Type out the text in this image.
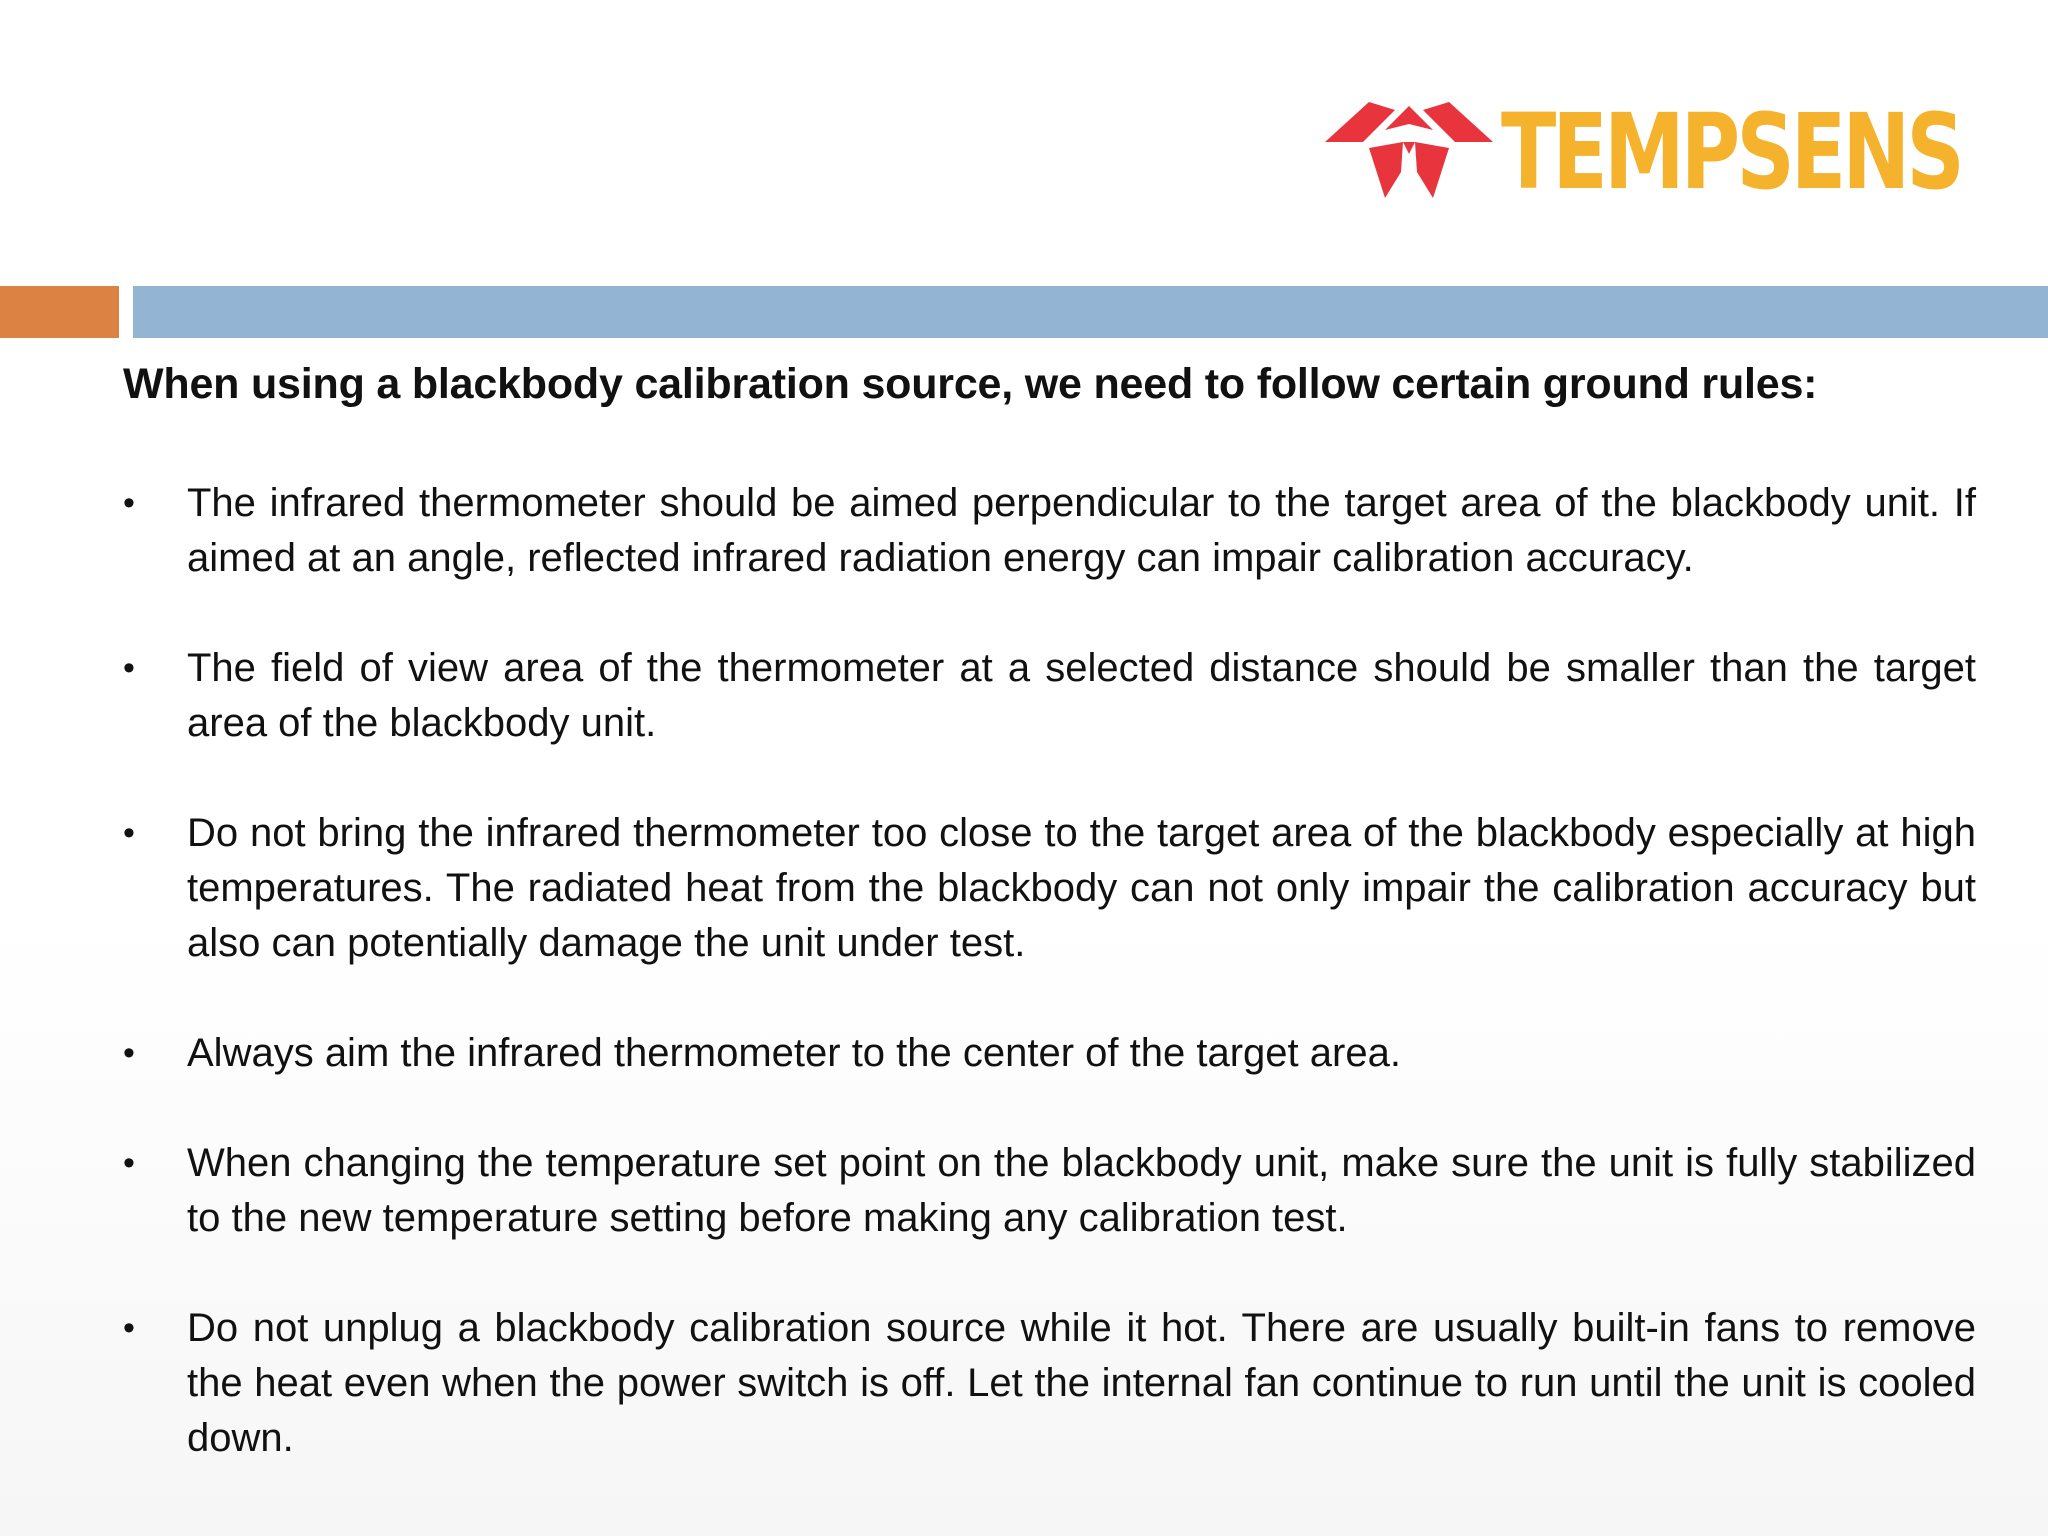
TEMPSENS
When using a blackbody calibration source, we need to follow certain ground rules:
• The infrared thermometer should be aimed perpendicular to the target area of the blackbody unit. If aimed at an angle, reflected infrared radiation energy can impair calibration accuracy.
• The field of view area of the thermometer at a selected distance should be smaller than the target area of the blackbody unit.
• Do not bring the infrared thermometer too close to the target area of the blackbody especially at high temperatures. The radiated heat from the blackbody can not only impair the calibration accuracy but also can potentially damage the unit under test.
• Always aim the infrared thermometer to the center of the target area.
• When changing the temperature set point on the blackbody unit, make sure the unit is fully stabilized to the new temperature setting before making any calibration test.
• Do not unplug a blackbody calibration source while it hot. There are usually built-in fans to remove the heat even when the power switch is off. Let the internal fan continue to run until the unit is cooled down.
